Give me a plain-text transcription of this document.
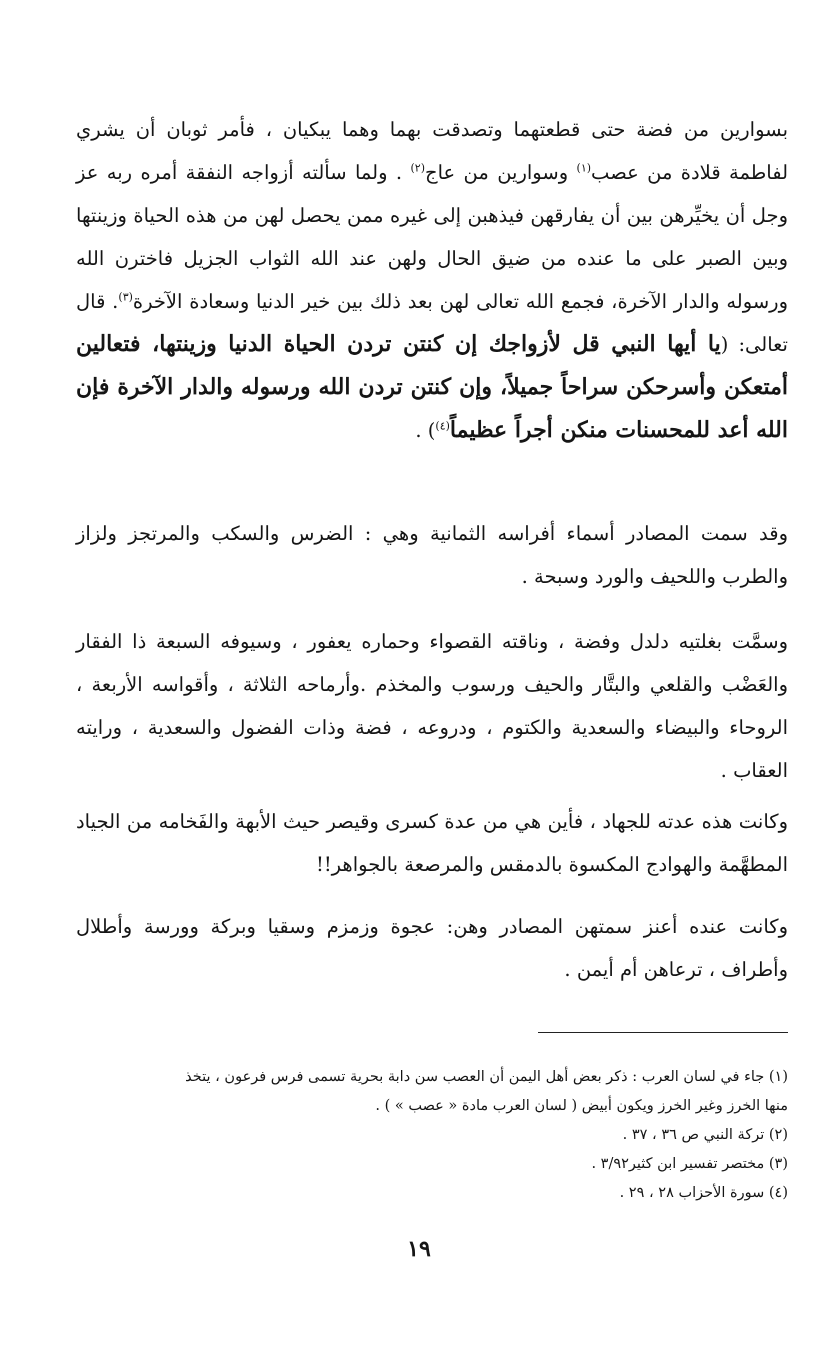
بسوارين من فضة حتى قطعتهما وتصدقت بهما وهما يبكيان ، فأمر ثوبان أن يشري لفاطمة قلادة من عصب$^{(١)}$ وسوارين من عاج$^{(٢)}$ . ولما سألته أزواجه النفقة أمره ربه عز وجل أن يخيِّرهن بين أن يفارقهن فيذهبن إلى غيره ممن يحصل لهن من هذه الحياة وزينتها وبين الصبر على ما عنده من ضيق الحال ولهن عند الله الثواب الجزيل فاخترن الله ورسوله والدار الآخرة، فجمع الله تعالى لهن بعد ذلك بين خير الدنيا وسعادة الآخرة$^{(٣)}$. قال تعالى: (يا أيها النبي قل لأزواجك إن كنتن تردن الحياة الدنيا وزينتها، فتعالين أمتعكن وأسرحكن سراحاً جميلاً، وإن كنتن تردن الله ورسوله والدار الآخرة فإن الله أعد للمحسنات منكن أجراً عظيماً$^{(٤)}$) .

وقد سمت المصادر أسماء أفراسه الثمانية وهي : الضرس والسكب والمرتجز ولزاز والطرب واللحيف والورد وسبحة .

وسمَّت بغلتيه دلدل وفضة ، وناقته القصواء وحماره يعفور ، وسيوفه السبعة ذا الفقار والعَضْب والقلعي والبتَّار والحيف ورسوب والمخذم .وأرماحه الثلاثة ، وأقواسه الأربعة ، الروحاء والبيضاء والسعدية والكتوم ، ودروعه ، فضة وذات الفضول والسعدية ، ورايته العقاب .

وكانت هذه عدته للجهاد ، فأين هي من عدة كسرى وقيصر حيث الأبهة والفَخامه من الجياد المطهَّمة والهوادج المكسوة بالدمقس والمرصعة بالجواهر!!

وكانت عنده أعنز سمتهن المصادر وهن: عجوة وزمزم وسقيا وبركة وورسة وأطلال وأطراف ، ترعاهن أم أيمن .

(١) جاء في لسان العرب : ذكر بعض أهل اليمن أن العصب سن دابة بحرية تسمى فرس فرعون ، يتخذ
منها الخرز وغير الخرز ويكون أبيض ( لسان العرب مادة « عصب » ) .
(٢) تركة النبي ص ٣٦ ، ٣٧ .
(٣) مختصر تفسير ابن كثير٣/٩٢ .
(٤) سورة الأحزاب ٢٨ ، ٢٩ .
١٩
